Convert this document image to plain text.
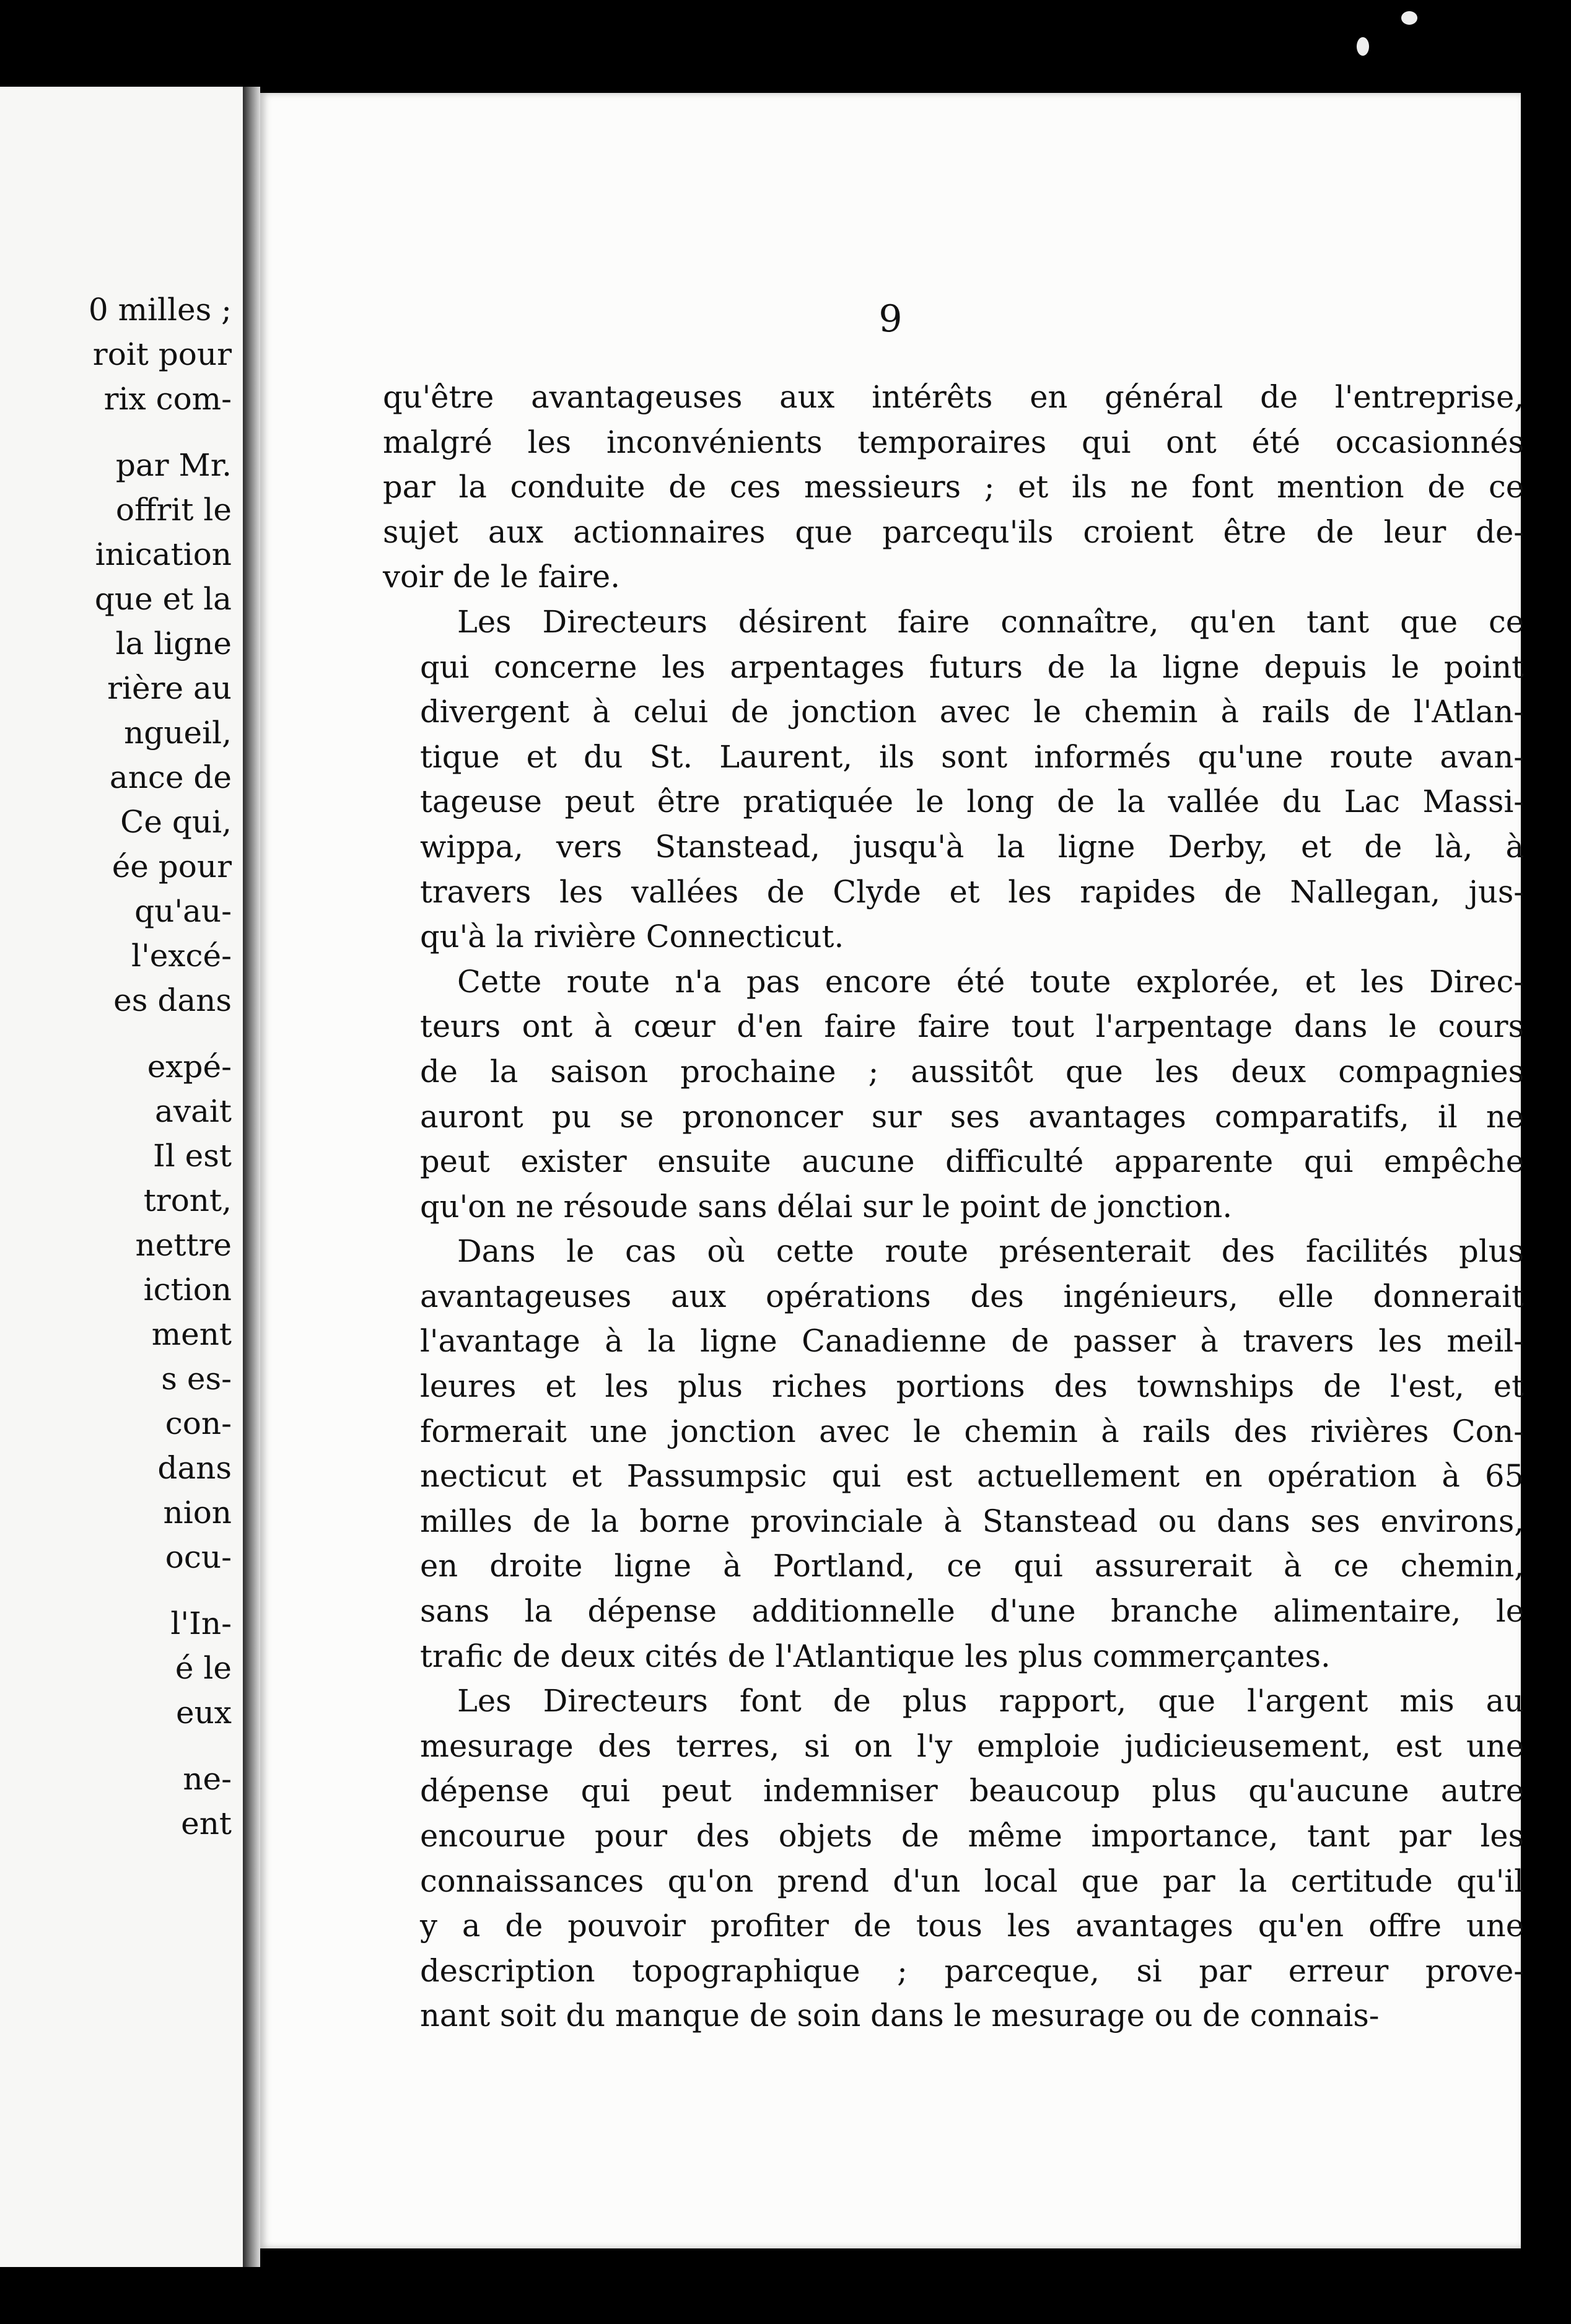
0 milles ;
roit pour
rix com-
par Mr.
offrit le
inication
que et la
la ligne
rière au
ngueil,
ance de
Ce qui,
ée pour
qu'au-
l'excé-
es dans
expé-
avait
Il est
tront,
nettre
iction
ment
s es-
con-
dans
nion
ocu-
l'In-
é le
eux
ne-
ent
9

qu'être avantageuses aux intérêts en général de l'entreprise,
malgré les inconvénients temporaires qui ont été occasionnés
par la conduite de ces messieurs ; et ils ne font mention de ce
sujet aux actionnaires que parcequ'ils croient être de leur de-
voir de le faire.

Les Directeurs désirent faire connaître, qu'en tant que ce
qui concerne les arpentages futurs de la ligne depuis le point
divergent à celui de jonction avec le chemin à rails de l'Atlan-
tique et du St. Laurent, ils sont informés qu'une route avan-
tageuse peut être pratiquée le long de la vallée du Lac Massi-
wippa, vers Stanstead, jusqu'à la ligne Derby, et de là, à
travers les vallées de Clyde et les rapides de Nallegan, jus-
qu'à la rivière Connecticut.

Cette route n'a pas encore été toute explorée, et les Direc-
teurs ont à cœur d'en faire faire tout l'arpentage dans le cours
de la saison prochaine ; aussitôt que les deux compagnies
auront pu se prononcer sur ses avantages comparatifs, il ne
peut exister ensuite aucune difficulté apparente qui empêche
qu'on ne résoude sans délai sur le point de jonction.

Dans le cas où cette route présenterait des facilités plus
avantageuses aux opérations des ingénieurs, elle donnerait
l'avantage à la ligne Canadienne de passer à travers les meil-
leures et les plus riches portions des townships de l'est, et
formerait une jonction avec le chemin à rails des rivières Con-
necticut et Passumpsic qui est actuellement en opération à 65
milles de la borne provinciale à Stanstead ou dans ses environs,
en droite ligne à Portland, ce qui assurerait à ce chemin,
sans la dépense additionnelle d'une branche alimentaire, le
trafic de deux cités de l'Atlantique les plus commerçantes.

Les Directeurs font de plus rapport, que l'argent mis au
mesurage des terres, si on l'y emploie judicieusement, est une
dépense qui peut indemniser beaucoup plus qu'aucune autre
encourue pour des objets de même importance, tant par les
connaissances qu'on prend d'un local que par la certitude qu'il
y a de pouvoir profiter de tous les avantages qu'en offre une
description topographique ; parceque, si par erreur prove-
nant soit du manque de soin dans le mesurage ou de connais-
